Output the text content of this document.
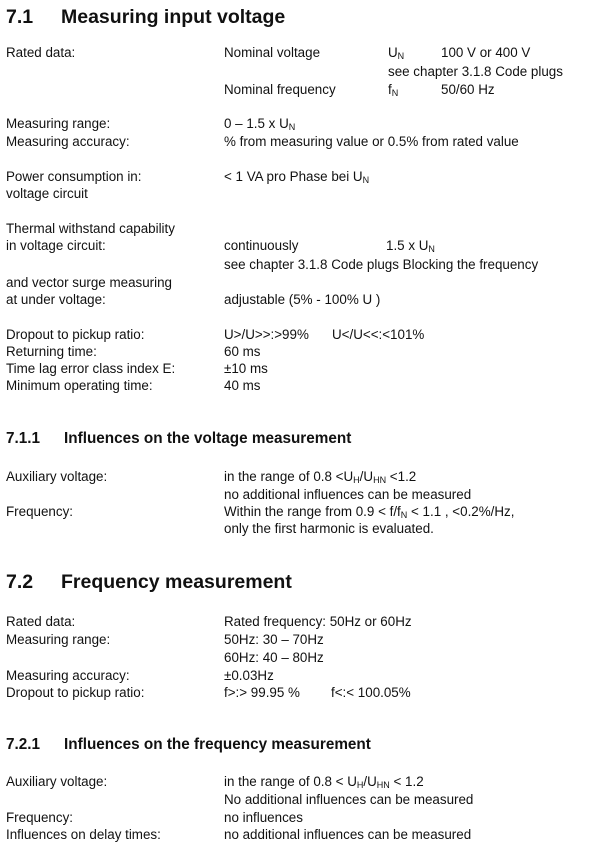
7.1 Measuring input voltage
Rated data:	Nominal voltage	$U_N$	100 V or 400 V
see chapter 3.1.8 Code plugs
Nominal frequency	$f_N$	50/60 Hz
Measuring range:	0 – 1.5 x $U_N$
Measuring accuracy:	% from measuring value or 0.5% from rated value
Power consumption in:	< 1 VA pro Phase bei $U_N$
voltage circuit
Thermal withstand capability
in voltage circuit:	continuously	1.5 x $U_N$
see chapter 3.1.8 Code plugs Blocking the frequency
and vector surge measuring
at under voltage:	adjustable (5% - 100% U )
Dropout to pickup ratio:	U>/U>>:>99% U</U<<:<101%
Returning time:	60 ms
Time lag error class index E:	±10 ms
Minimum operating time:	40 ms
7.1.1 Influences on the voltage measurement
Auxiliary voltage:	in the range of $0.8 <U_H/U_{HN} <1.2$
no additional influences can be measured
Frequency:	Within the range from $0.9 < f/f_N < 1.1$ , <0.2%/Hz,
only the first harmonic is evaluated.
7.2 Frequency measurement
Rated data:	Rated frequency: 50Hz or 60Hz
Measuring range:	50Hz: 30 – 70Hz
60Hz: 40 – 80Hz
Measuring accuracy:	±0.03Hz
Dropout to pickup ratio:	f>:> 99.95 % f<:< 100.05%
7.2.1 Influences on the frequency measurement
Auxiliary voltage:	in the range of $0.8 < U_H/U_{HN} < 1.2$
No additional influences can be measured
Frequency:	no influences
Influences on delay times:	no additional influences can be measured
